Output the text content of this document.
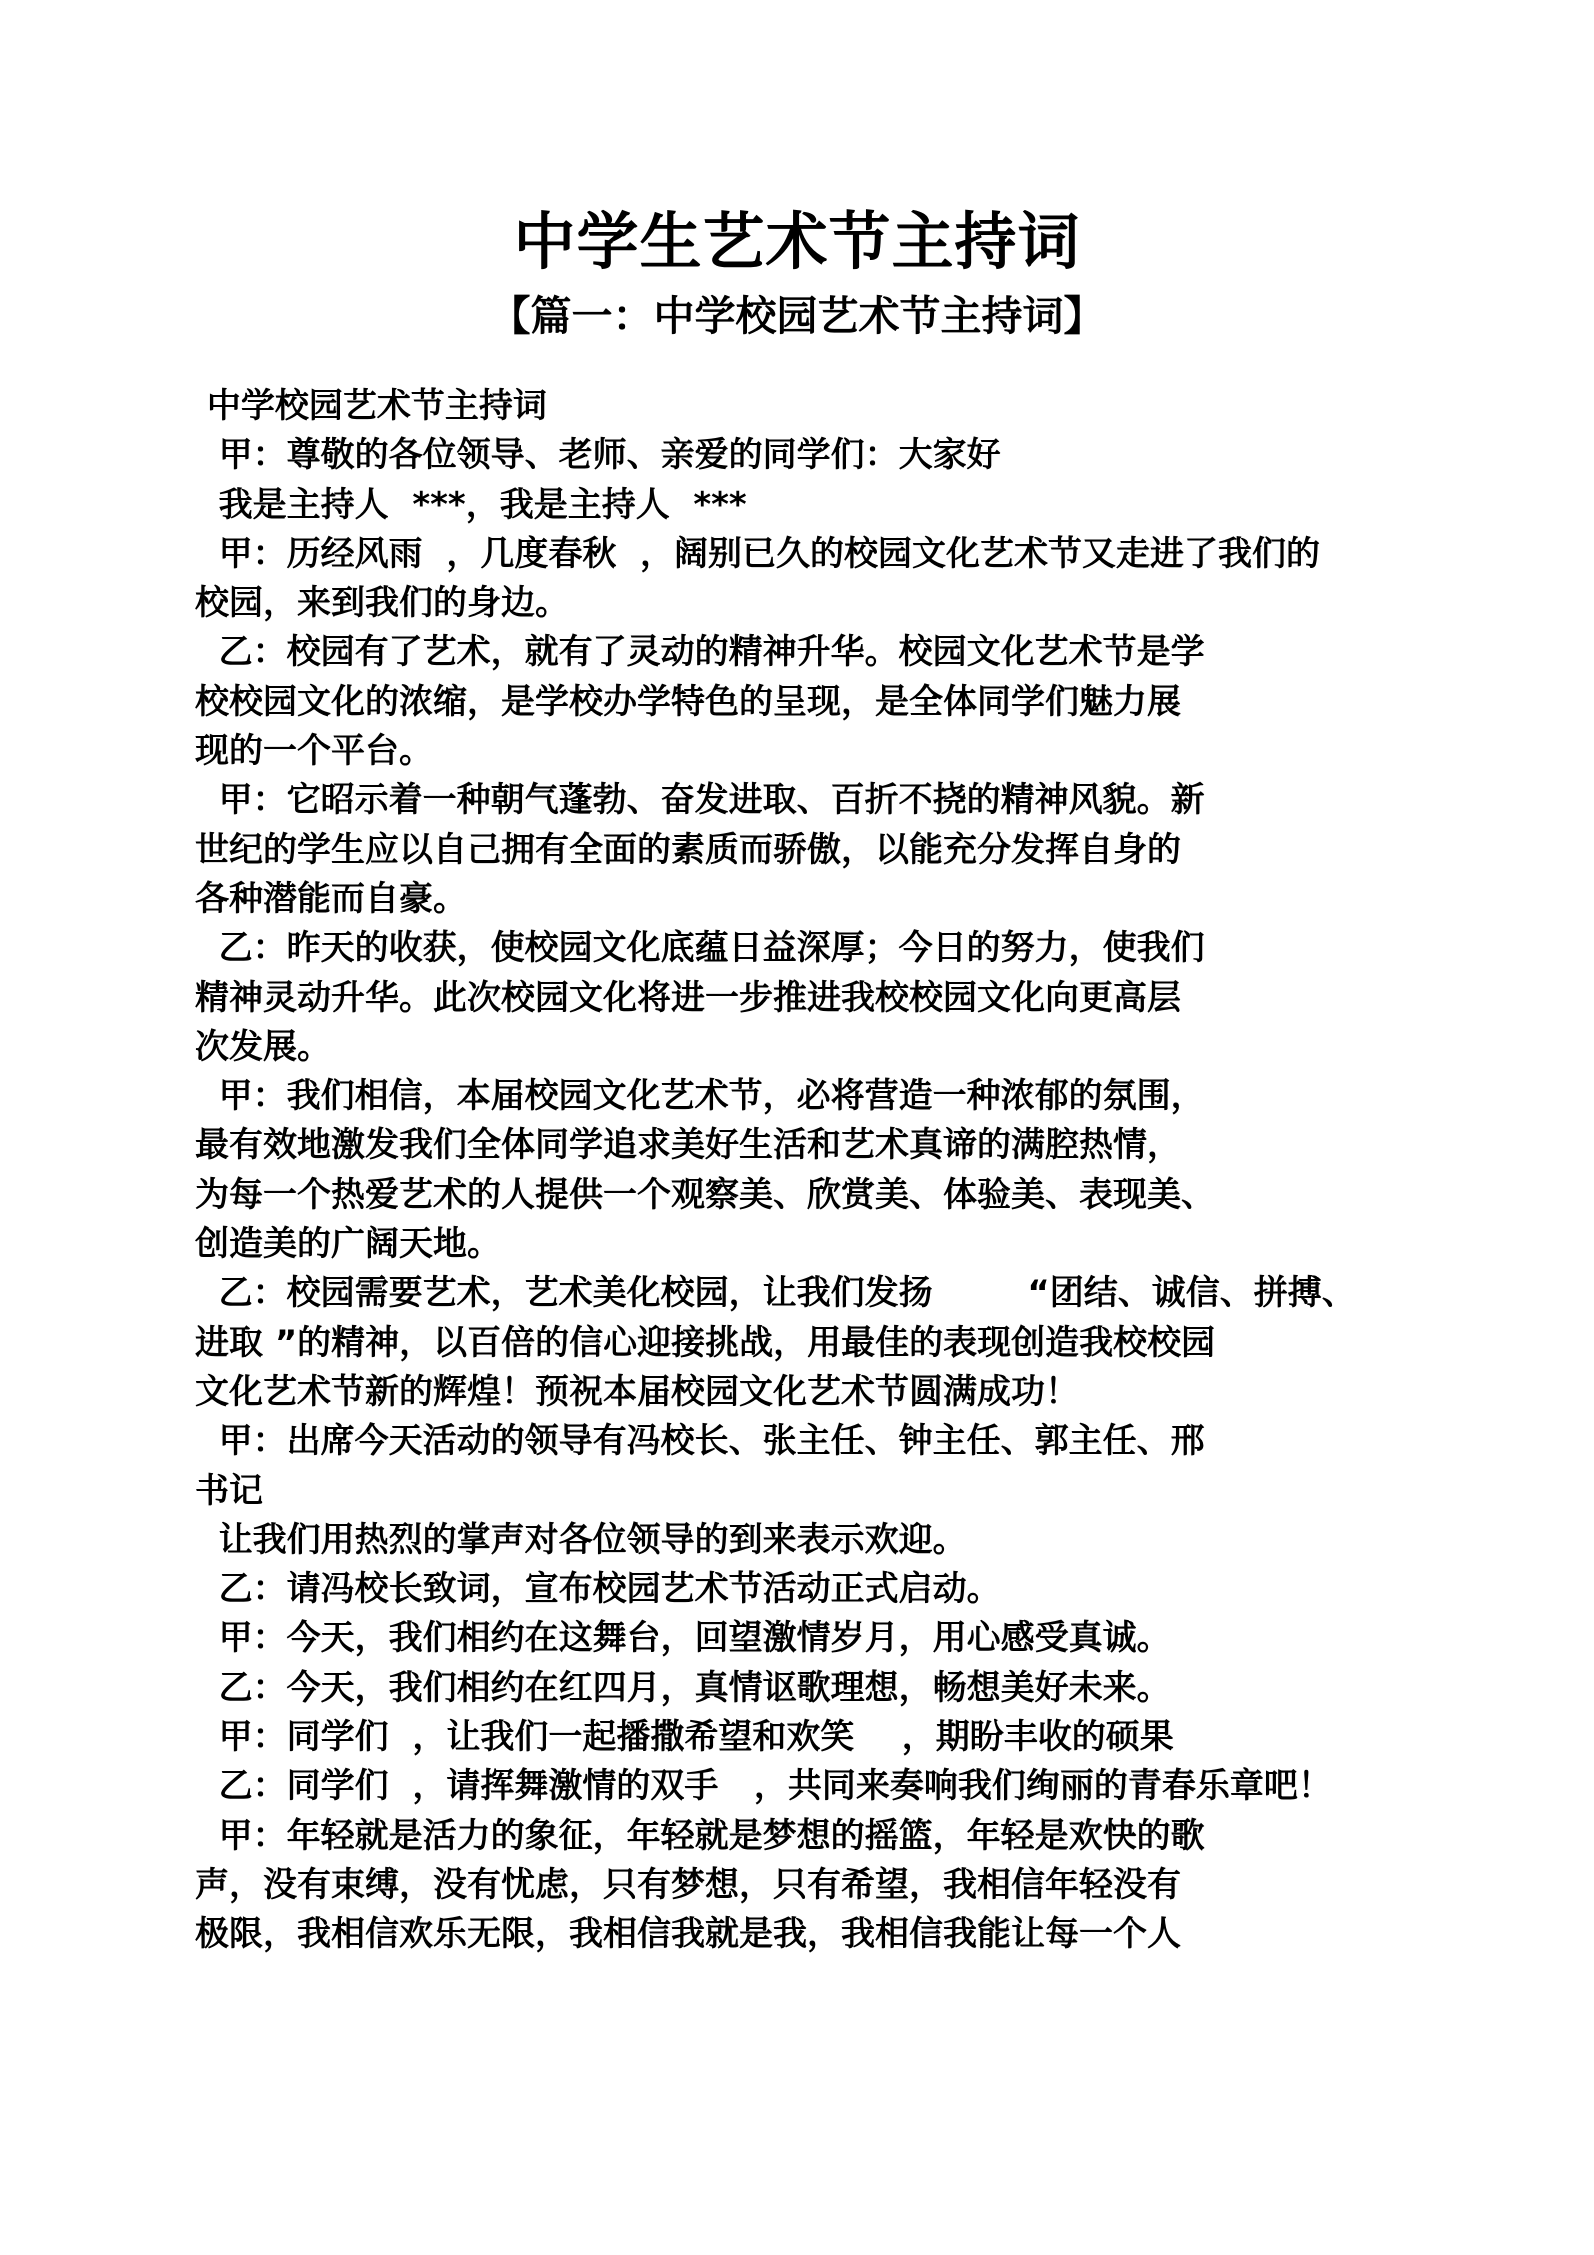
中学生艺术节主持词
【篇一：中学校园艺术节主持词】
中学校园艺术节主持词
甲：尊敬的各位领导、老师、亲爱的同学们：大家好
我是主持人  ***，我是主持人  ***
甲：历经风雨  ，几度春秋  ，阔别已久的校园文化艺术节又走进了我们的
校园，来到我们的身边。
乙：校园有了艺术，就有了灵动的精神升华。校园文化艺术节是学
校校园文化的浓缩，是学校办学特色的呈现，是全体同学们魅力展
现的一个平台。
甲：它昭示着一种朝气蓬勃、奋发进取、百折不挠的精神风貌。新
世纪的学生应以自己拥有全面的素质而骄傲，以能充分发挥自身的
各种潜能而自豪。
乙：昨天的收获，使校园文化底蕴日益深厚；今日的努力，使我们
精神灵动升华。此次校园文化将进一步推进我校校园文化向更高层
次发展。
甲：我们相信，本届校园文化艺术节，必将营造一种浓郁的氛围，
最有效地激发我们全体同学追求美好生活和艺术真谛的满腔热情，
为每一个热爱艺术的人提供一个观察美、欣赏美、体验美、表现美、
创造美的广阔天地。
乙：校园需要艺术，艺术美化校园，让我们发扬        “团结、诚信、拼搏、
进取 ”的精神，以百倍的信心迎接挑战，用最佳的表现创造我校校园
文化艺术节新的辉煌！预祝本届校园文化艺术节圆满成功！
甲：出席今天活动的领导有冯校长、张主任、钟主任、郭主任、邢
书记
让我们用热烈的掌声对各位领导的到来表示欢迎。
乙：请冯校长致词，宣布校园艺术节活动正式启动。
甲：今天，我们相约在这舞台，回望激情岁月，用心感受真诚。
乙：今天，我们相约在红四月，真情讴歌理想，畅想美好未来。
甲：同学们  ，让我们一起播撒希望和欢笑    ，期盼丰收的硕果
乙：同学们  ，请挥舞激情的双手   ，共同来奏响我们绚丽的青春乐章吧！
甲：年轻就是活力的象征，年轻就是梦想的摇篮，年轻是欢快的歌
声，没有束缚，没有忧虑，只有梦想，只有希望，我相信年轻没有
极限，我相信欢乐无限，我相信我就是我，我相信我能让每一个人
